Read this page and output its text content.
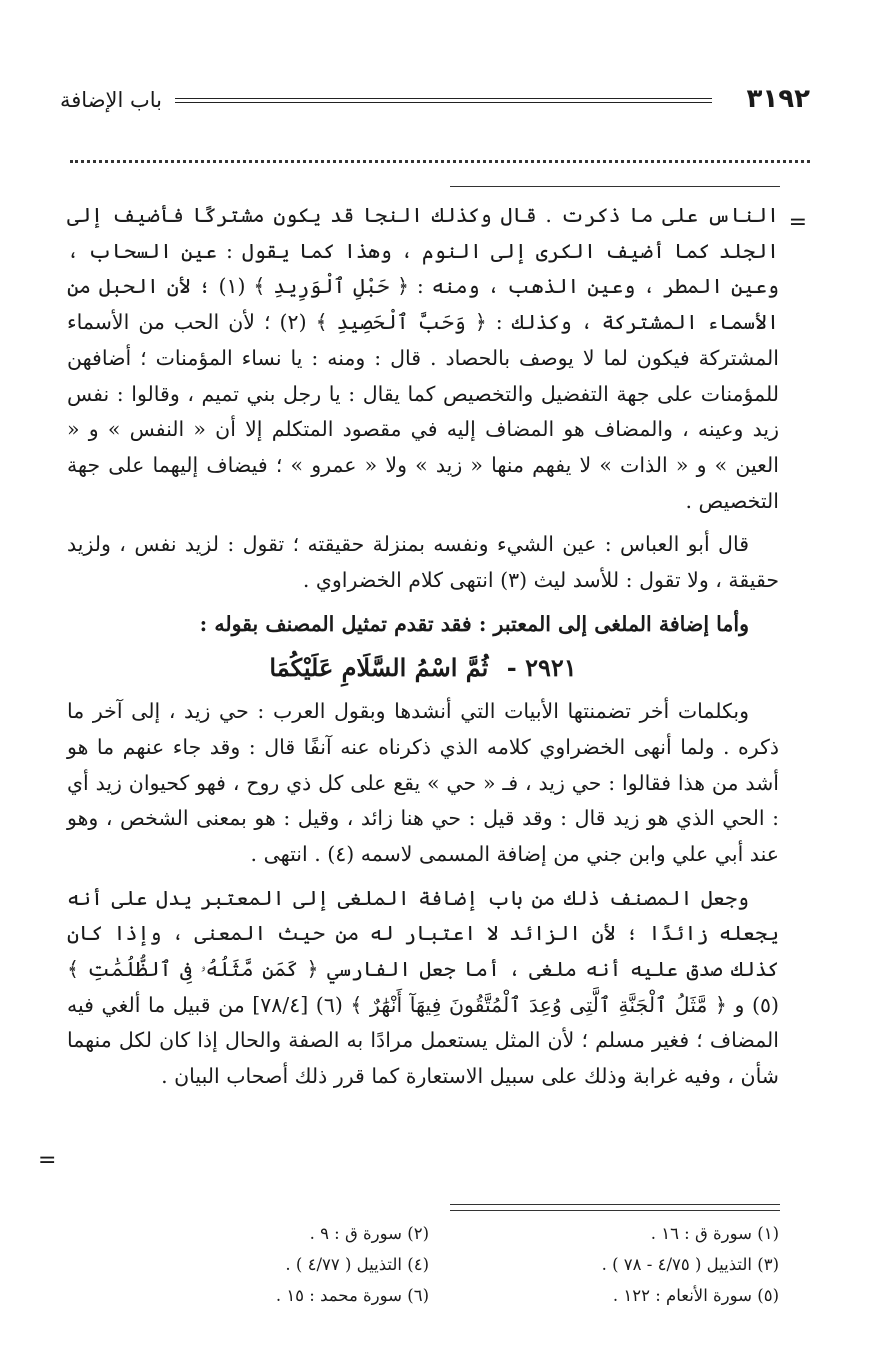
٣١٩٢
باب الإضافة
=
=

الناس على ما ذكرت . قال وكذلك النجا قد يكون مشتركًا فأضيف إلى الجلد كما أضيف الكرى إلى النوم ، وهذا كما يقول : عين السحاب ، وعين المطر ، وعين الذهب ، ومنه : ﴿ حَبْلِ ٱلْوَرِيدِ ﴾ (١) ؛ لأن الحبل من الأسماء المشتركة ، وكذلك : ﴿ وَحَبَّ ٱلْحَصِيدِ ﴾ (٢) ؛ لأن الحب من الأسماء المشتركة فيكون لما لا يوصف بالحصاد . قال : ومنه : يا نساء المؤمنات ؛ أضافهن للمؤمنات على جهة التفضيل والتخصيص كما يقال : يا رجل بني تميم ، وقالوا : نفس زيد وعينه ، والمضاف هو المضاف إليه في مقصود المتكلم إلا أن « النفس » و « العين » و « الذات » لا يفهم منها « زيد » ولا « عمرو » ؛ فيضاف إليهما على جهة التخصيص .

قال أبو العباس : عين الشيء ونفسه بمنزلة حقيقته ؛ تقول : لزيد نفس ، ولزيد حقيقة ، ولا تقول : للأسد ليث (٣) انتهى كلام الخضراوي .

وأما إضافة الملغى إلى المعتبر : فقد تقدم تمثيل المصنف بقوله :

٢٩٢١ - ثُمَّ اسْمُ السَّلَامِ عَلَيْكُمَا

وبكلمات أخر تضمنتها الأبيات التي أنشدها وبقول العرب : حي زيد ، إلى آخر ما ذكره . ولما أنهى الخضراوي كلامه الذي ذكرناه عنه آنفًا قال : وقد جاء عنهم ما هو أشد من هذا فقالوا : حي زيد ، فـ « حي » يقع على كل ذي روح ، فهو كحيوان زيد أي : الحي الذي هو زيد قال : وقد قيل : حي هنا زائد ، وقيل : هو بمعنى الشخص ، وهو عند أبي علي وابن جني من إضافة المسمى لاسمه (٤) . انتهى .

وجعل المصنف ذلك من باب إضافة الملغى إلى المعتبر يدل على أنه يجعله زائدًا ؛ لأن الزائد لا اعتبار له من حيث المعنى ، وإذا كان كذلك صدق عليه أنه ملغى ، أما جعل الفارسي ﴿ كَمَن مَّثَلُهُۥ فِى ٱلظُّلُمَٰتِ ﴾ (٥) و ﴿ مَّثَلُ ٱلْجَنَّةِ ٱلَّتِى وُعِدَ ٱلْمُتَّقُونَ فِيهَآ أَنْهَٰرٌ ﴾ (٦) [٧٨/٤] من قبيل ما ألغي فيه المضاف ؛ فغير مسلم ؛ لأن المثل يستعمل مرادًا به الصفة والحال إذا كان لكل منهما شأن ، وفيه غرابة وذلك على سبيل الاستعارة كما قرر ذلك أصحاب البيان .

(١) سورة ق : ١٦ .
(٢) سورة ق : ٩ .
(٣) التذييل ( ٤/٧٥ - ٧٨ ) .
(٤) التذييل ( ٤/٧٧ ) .
(٥) سورة الأنعام : ١٢٢ .
(٦) سورة محمد : ١٥ .
